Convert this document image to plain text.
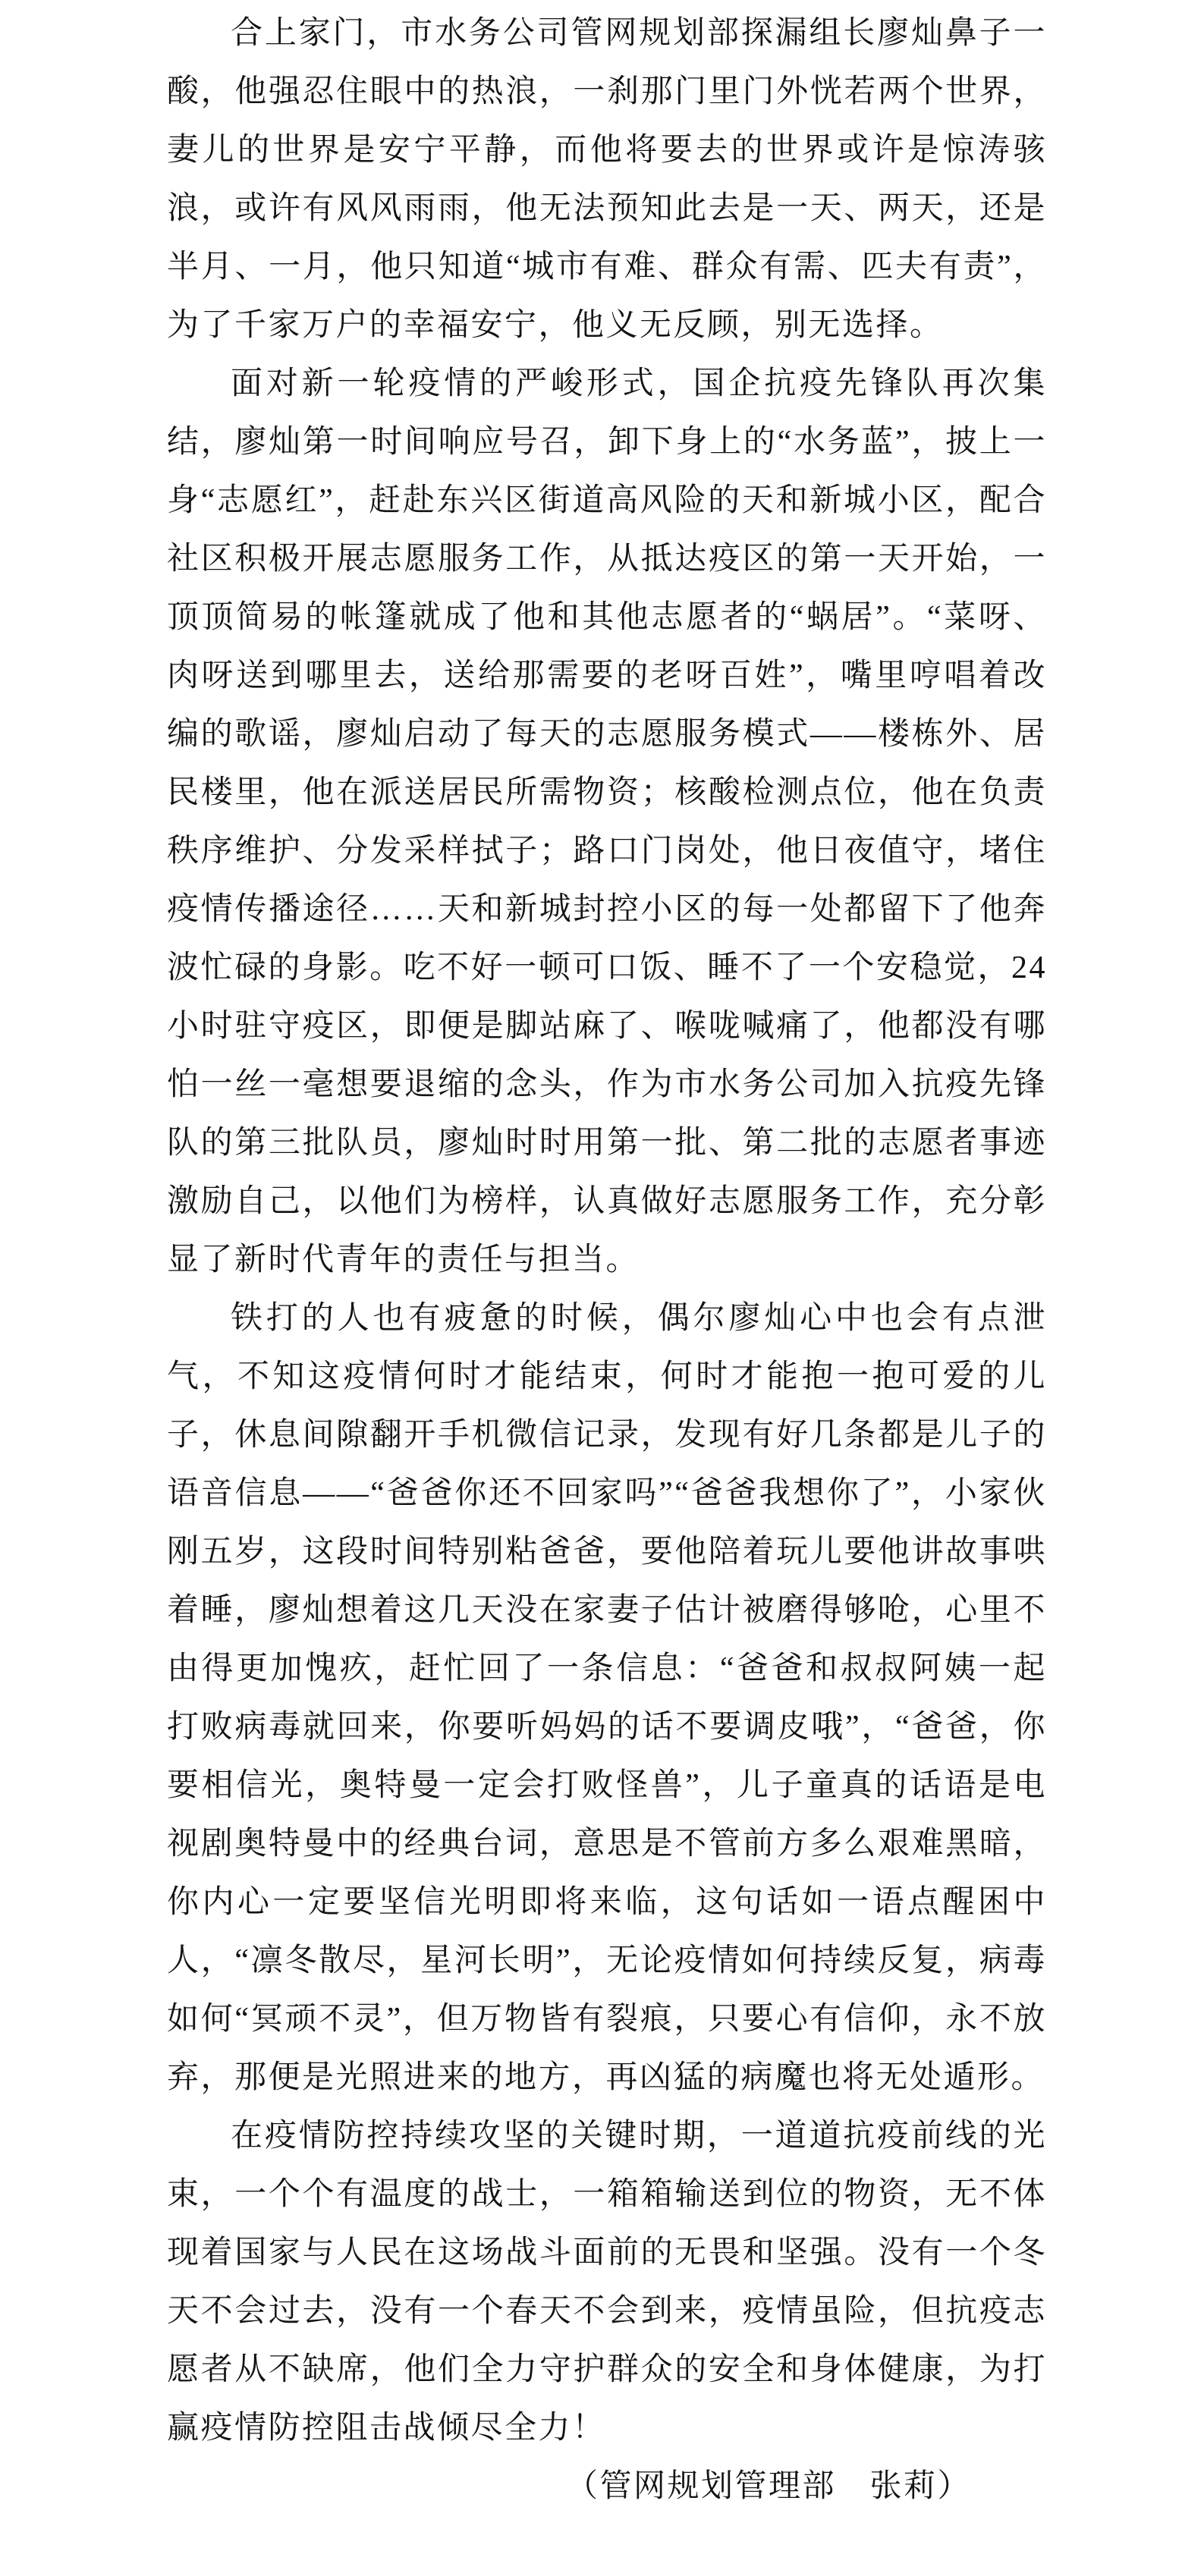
合上家门，市水务公司管网规划部探漏组长廖灿鼻子一酸，他强忍住眼中的热浪，一刹那门里门外恍若两个世界，妻儿的世界是安宁平静，而他将要去的世界或许是惊涛骇浪，或许有风风雨雨，他无法预知此去是一天、两天，还是半月、一月，他只知道“城市有难、群众有需、匹夫有责”，为了千家万户的幸福安宁，他义无反顾，别无选择。

面对新一轮疫情的严峻形式，国企抗疫先锋队再次集结，廖灿第一时间响应号召，卸下身上的“水务蓝”，披上一身“志愿红”，赶赴东兴区街道高风险的天和新城小区，配合社区积极开展志愿服务工作，从抵达疫区的第一天开始，一顶顶简易的帐篷就成了他和其他志愿者的“蜗居”。“菜呀、肉呀送到哪里去，送给那需要的老呀百姓”，嘴里哼唱着改编的歌谣，廖灿启动了每天的志愿服务模式——楼栋外、居民楼里，他在派送居民所需物资；核酸检测点位，他在负责秩序维护、分发采样拭子；路口门岗处，他日夜值守，堵住疫情传播途径……天和新城封控小区的每一处都留下了他奔波忙碌的身影。吃不好一顿可口饭、睡不了一个安稳觉，24 小时驻守疫区，即便是脚站麻了、喉咙喊痛了，他都没有哪怕一丝一毫想要退缩的念头，作为市水务公司加入抗疫先锋队的第三批队员，廖灿时时用第一批、第二批的志愿者事迹激励自己，以他们为榜样，认真做好志愿服务工作，充分彰显了新时代青年的责任与担当。

铁打的人也有疲惫的时候，偶尔廖灿心中也会有点泄气，不知这疫情何时才能结束，何时才能抱一抱可爱的儿子，休息间隙翻开手机微信记录，发现有好几条都是儿子的语音信息——“爸爸你还不回家吗”“爸爸我想你了”，小家伙刚五岁，这段时间特别粘爸爸，要他陪着玩儿要他讲故事哄着睡，廖灿想着这几天没在家妻子估计被磨得够呛，心里不由得更加愧疚，赶忙回了一条信息：“爸爸和叔叔阿姨一起打败病毒就回来，你要听妈妈的话不要调皮哦”，“爸爸，你要相信光，奥特曼一定会打败怪兽”，儿子童真的话语是电视剧奥特曼中的经典台词，意思是不管前方多么艰难黑暗，你内心一定要坚信光明即将来临，这句话如一语点醒困中人，“凛冬散尽，星河长明”，无论疫情如何持续反复，病毒如何“冥顽不灵”，但万物皆有裂痕，只要心有信仰，永不放弃，那便是光照进来的地方，再凶猛的病魔也将无处遁形。

在疫情防控持续攻坚的关键时期，一道道抗疫前线的光束，一个个有温度的战士，一箱箱输送到位的物资，无不体现着国家与人民在这场战斗面前的无畏和坚强。没有一个冬天不会过去，没有一个春天不会到来，疫情虽险，但抗疫志愿者从不缺席，他们全力守护群众的安全和身体健康，为打赢疫情防控阻击战倾尽全力！

（管网规划管理部　张莉）
